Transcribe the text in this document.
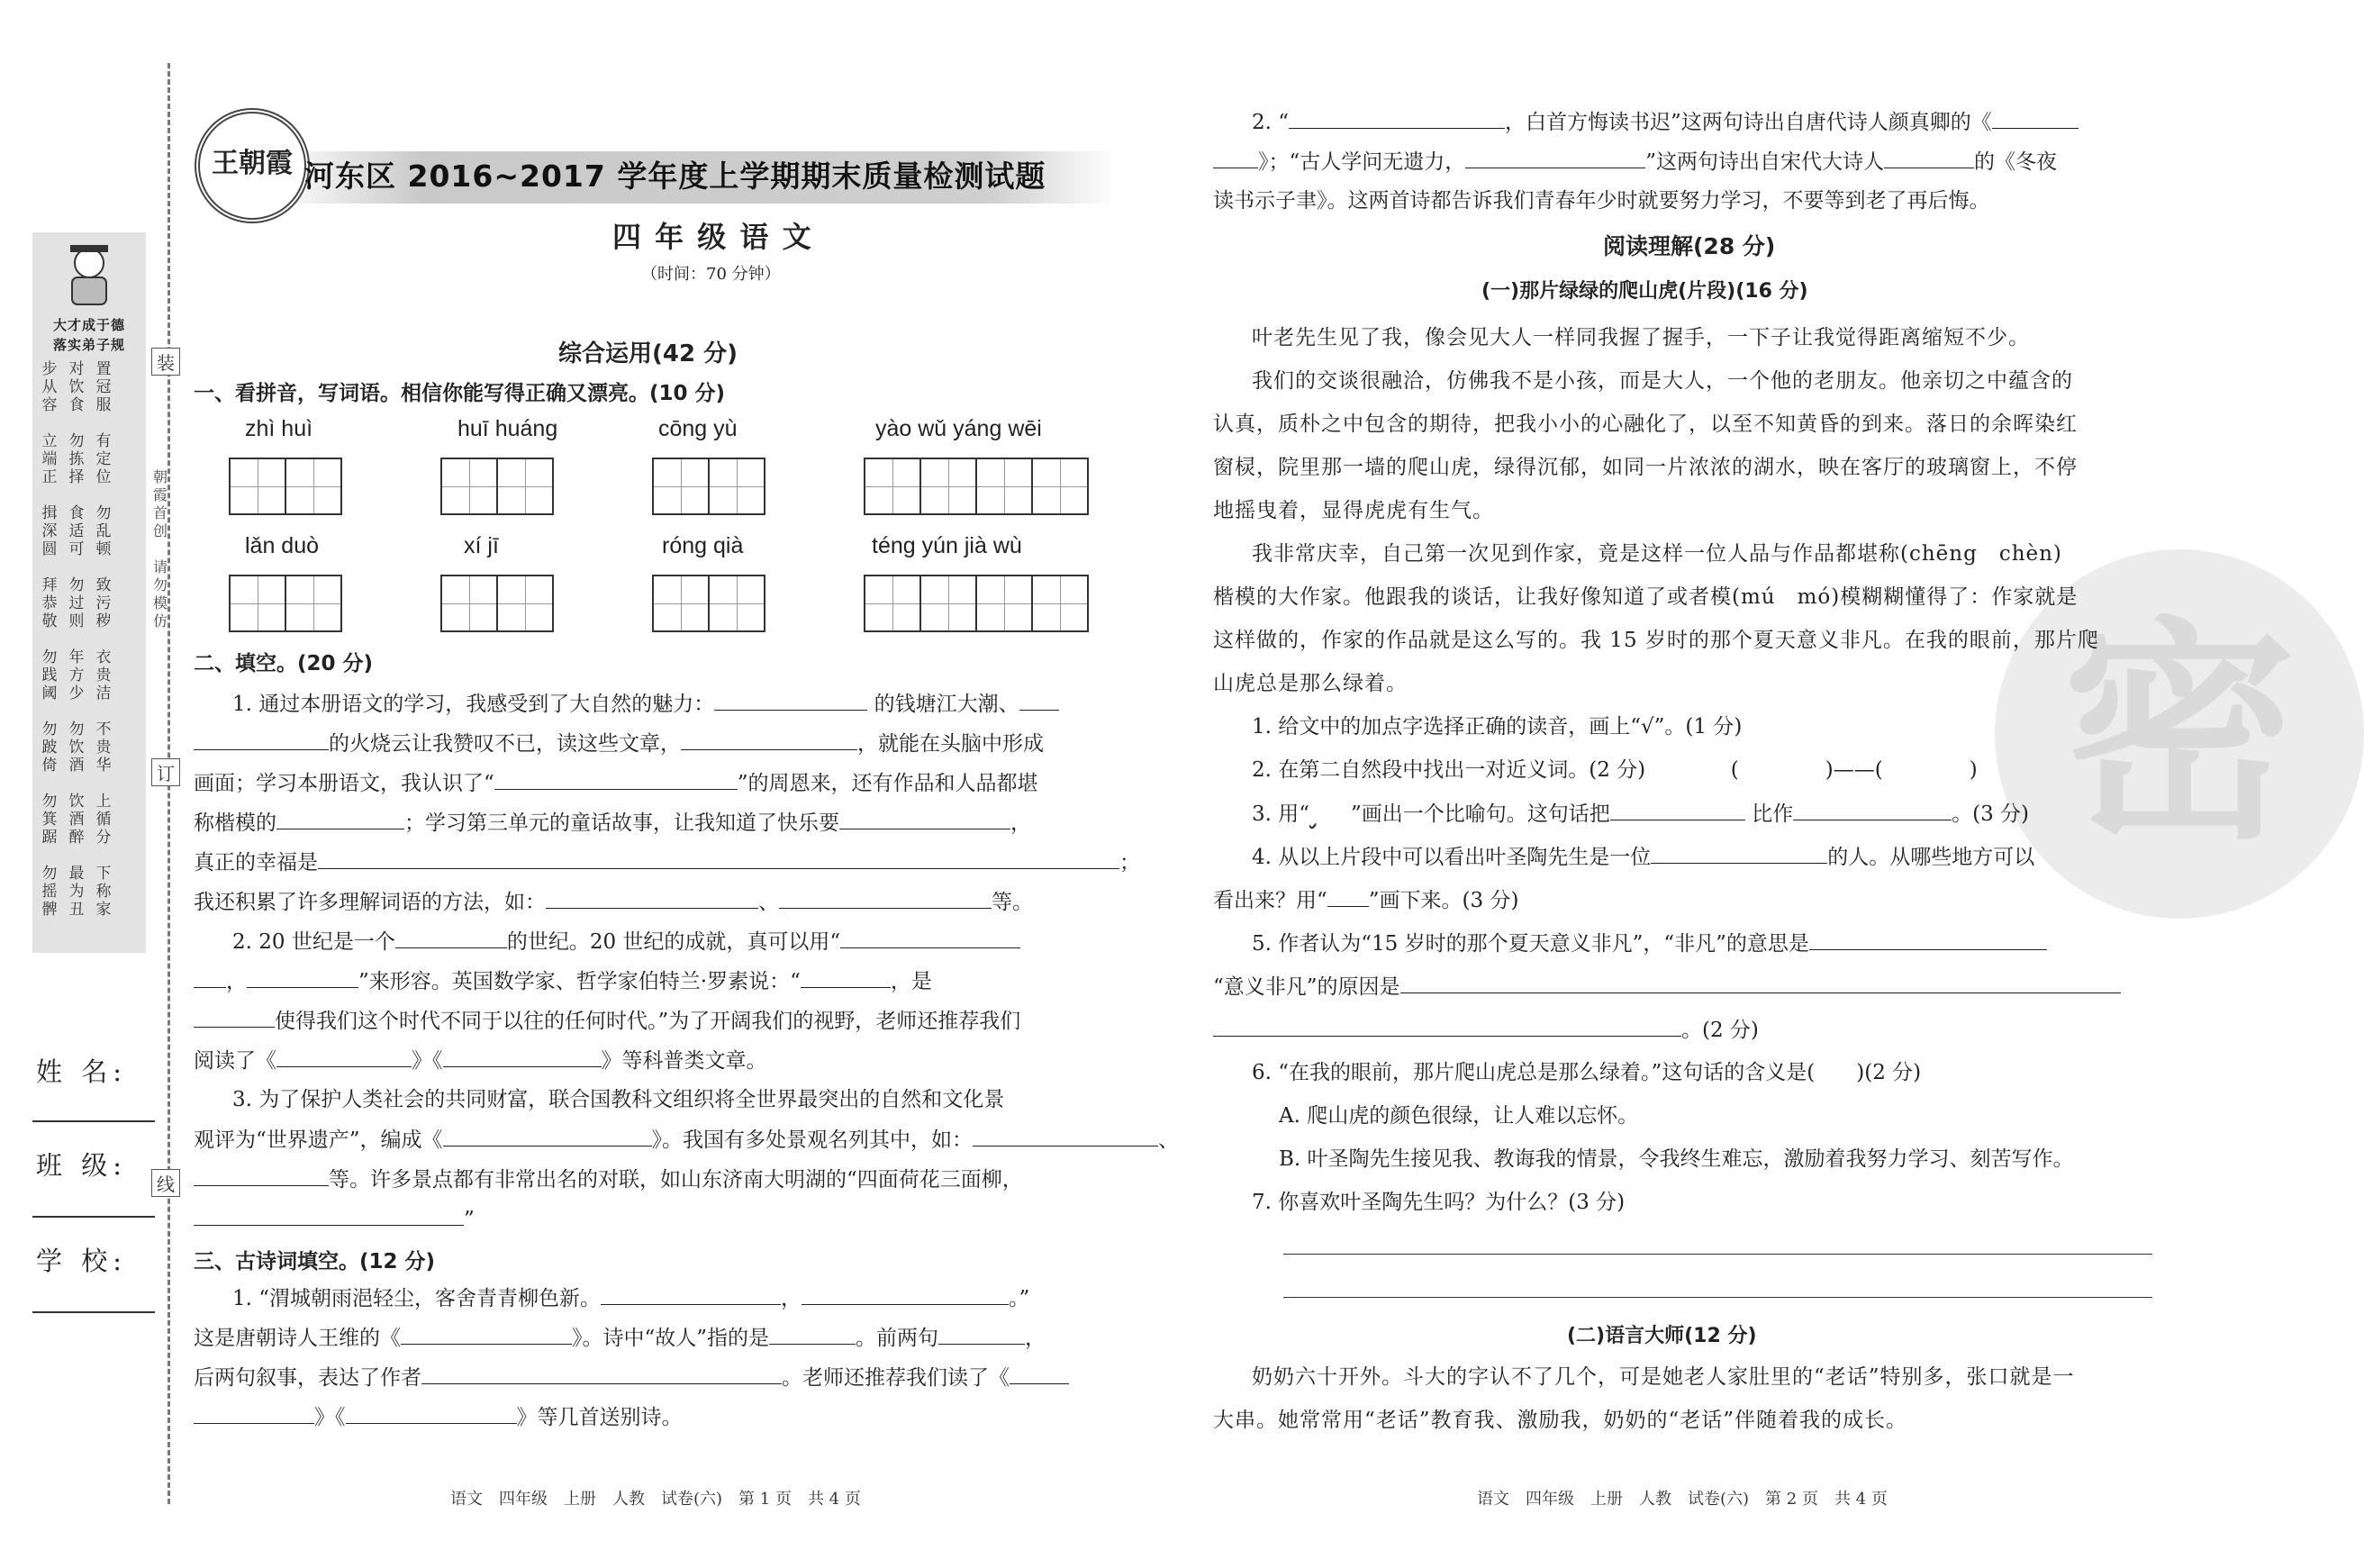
装
订
线
大才成于德
落实弟子规
步从容
对饮食
置冠服
立端正
勿拣择
有定位
揖深圆
食适可
勿乱顿
拜恭敬
勿过则
致污秽
勿践阈
年方少
衣贵洁
勿跛倚
勿饮酒
不贵华
勿箕踞
饮酒醉
上循分
勿摇髀
最为丑
下称家
朝霞首创
请勿模仿
姓 名:
班 级:
学 校:
王朝霞 河东区 2016~2017 学年度上学期期末质量检测试题
四 年 级 语 文
（时间：70 分钟）
综合运用(42 分)
一、看拼音，写词语。相信你能写得正确又漂亮。(10 分)
zhì huì	huī huáng	cōng yù	yào wǔ yáng wēi
lǎn duò	xí jī	róng qià	téng yún jià wù
二、填空。(20 分)
1. 通过本册语文的学习，我感受到了大自然的魅力：	的钱塘江大潮、
的火烧云让我赞叹不已，读这些文章，	，就能在头脑中形成
画面；学习本册语文，我认识了“	”的周恩来，还有作品和人品都堪
称楷模的	；学习第三单元的童话故事，让我知道了快乐要	，
真正的幸福是	；
我还积累了许多理解词语的方法，如：	、	等。
2. 20 世纪是一个	的世纪。20 世纪的成就，真可以用“
，	”来形容。英国数学家、哲学家伯特兰·罗素说：“	，是
使得我们这个时代不同于以往的任何时代。”为了开阔我们的视野，老师还推荐我们
阅读了《	》《	》等科普类文章。
3. 为了保护人类社会的共同财富，联合国教科文组织将全世界最突出的自然和文化景
观评为“世界遗产”，编成《	》。我国有多处景观名列其中，如：	、
等。许多景点都有非常出名的对联，如山东济南大明湖的“四面荷花三面柳，
”
三、古诗词填空。(12 分)
1. “渭城朝雨浥轻尘，客舍青青柳色新。	，	。”
这是唐朝诗人王维的《	》。诗中“故人”指的是	。前两句	，
后两句叙事，表达了作者	。老师还推荐我们读了《
》《	》等几首送别诗。
语文　四年级　上册　人教　试卷(六)　第 1 页　共 4 页
密
2. “	，白首方悔读书迟”这两句诗出自唐代诗人颜真卿的《
》；“古人学问无遗力，	”这两句诗出自宋代大诗人	的《冬夜
读书示子聿》。这两首诗都告诉我们青春年少时就要努力学习，不要等到老了再后悔。
阅读理解(28 分)
(一)那片绿绿的爬山虎(片段)(16 分)
叶老先生见了我，像会见大人一样同我握了握手，一下子让我觉得距离缩短不少。
我们的交谈很融洽，仿佛我不是小孩，而是大人，一个他的老朋友。他亲切之中蕴含的
认真，质朴之中包含的期待，把我小小的心融化了，以至不知黄昏的到来。落日的余晖染红
窗棂，院里那一墙的爬山虎，绿得沉郁，如同一片浓浓的湖水，映在客厅的玻璃窗上，不停
地摇曳着，显得虎虎有生气。
我非常庆幸，自己第一次见到作家，竟是这样一位人品与作品都堪称(chēng　chèn)
楷模的大作家。他跟我的谈话，让我好像知道了或者模(mú　mó)模糊糊懂得了：作家就是
这样做的，作家的作品就是这么写的。我 15 岁时的那个夏天意义非凡。在我的眼前，那片爬
山虎总是那么绿着。
1. 给文中的加点字选择正确的读音，画上“√”。(1 分)
2. 在第二自然段中找出一对近义词。(2 分)	(	)——(	)
3. 用“ ”画出一个比喻句。这句话把	比作	。(3 分)
4. 从以上片段中可以看出叶圣陶先生是一位	的人。从哪些地方可以
看出来？用“ ”画下来。(3 分)
5. 作者认为“15 岁时的那个夏天意义非凡”，“非凡”的意思是
“意义非凡”的原因是
。(2 分)
6. “在我的眼前，那片爬山虎总是那么绿着。”这句话的含义是(　　)(2 分)
A. 爬山虎的颜色很绿，让人难以忘怀。
B. 叶圣陶先生接见我、教诲我的情景，令我终生难忘，激励着我努力学习、刻苦写作。
7. 你喜欢叶圣陶先生吗？为什么？(3 分)
(二)语言大师(12 分)
奶奶六十开外。斗大的字认不了几个，可是她老人家肚里的“老话”特别多，张口就是一
大串。她常常用“老话”教育我、激励我，奶奶的“老话”伴随着我的成长。
语文　四年级　上册　人教　试卷(六)　第 2 页　共 4 页
